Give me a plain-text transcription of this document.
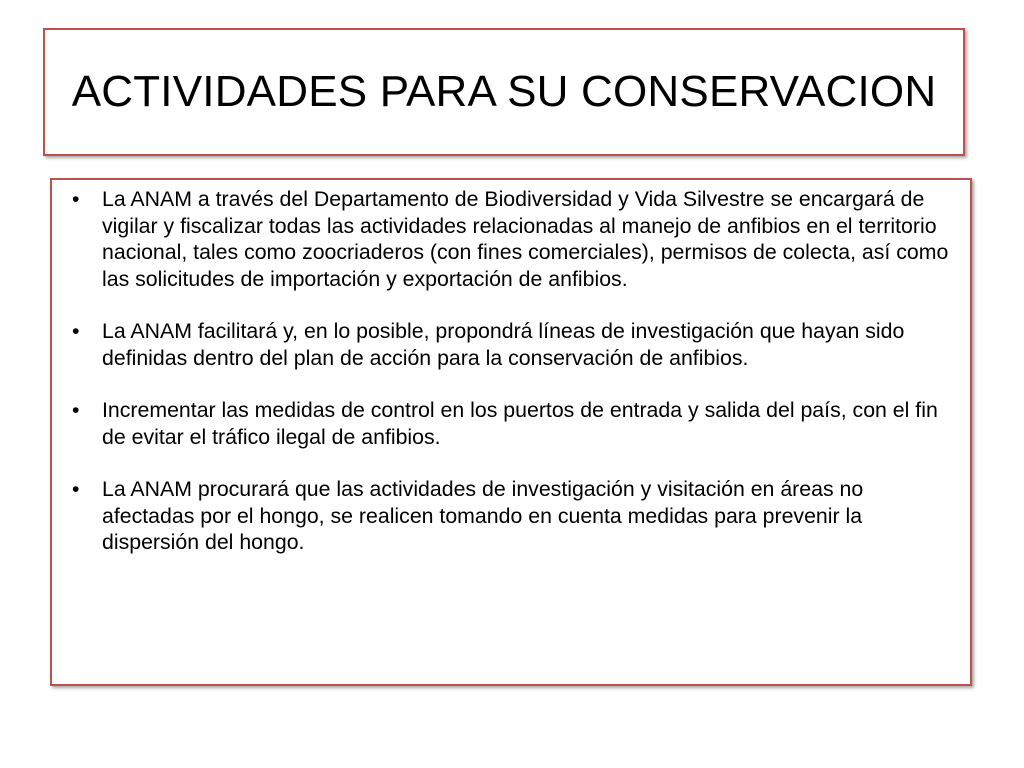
ACTIVIDADES PARA SU CONSERVACION
• La ANAM a través del Departamento de Biodiversidad y Vida Silvestre se encargará de vigilar y fiscalizar todas las actividades relacionadas al manejo de anfibios en el territorio nacional, tales como zoocriaderos (con fines comerciales), permisos de colecta, así como las solicitudes de importación y exportación de anfibios.
• La ANAM facilitará y, en lo posible, propondrá líneas de investigación que hayan sido definidas dentro del plan de acción para la conservación de anfibios.
• Incrementar las medidas de control en los puertos de entrada y salida del país, con el fin de evitar el tráfico ilegal de anfibios.
• La ANAM procurará que las actividades de investigación y visitación en áreas no afectadas por el hongo, se realicen tomando en cuenta medidas para prevenir la dispersión del hongo.
